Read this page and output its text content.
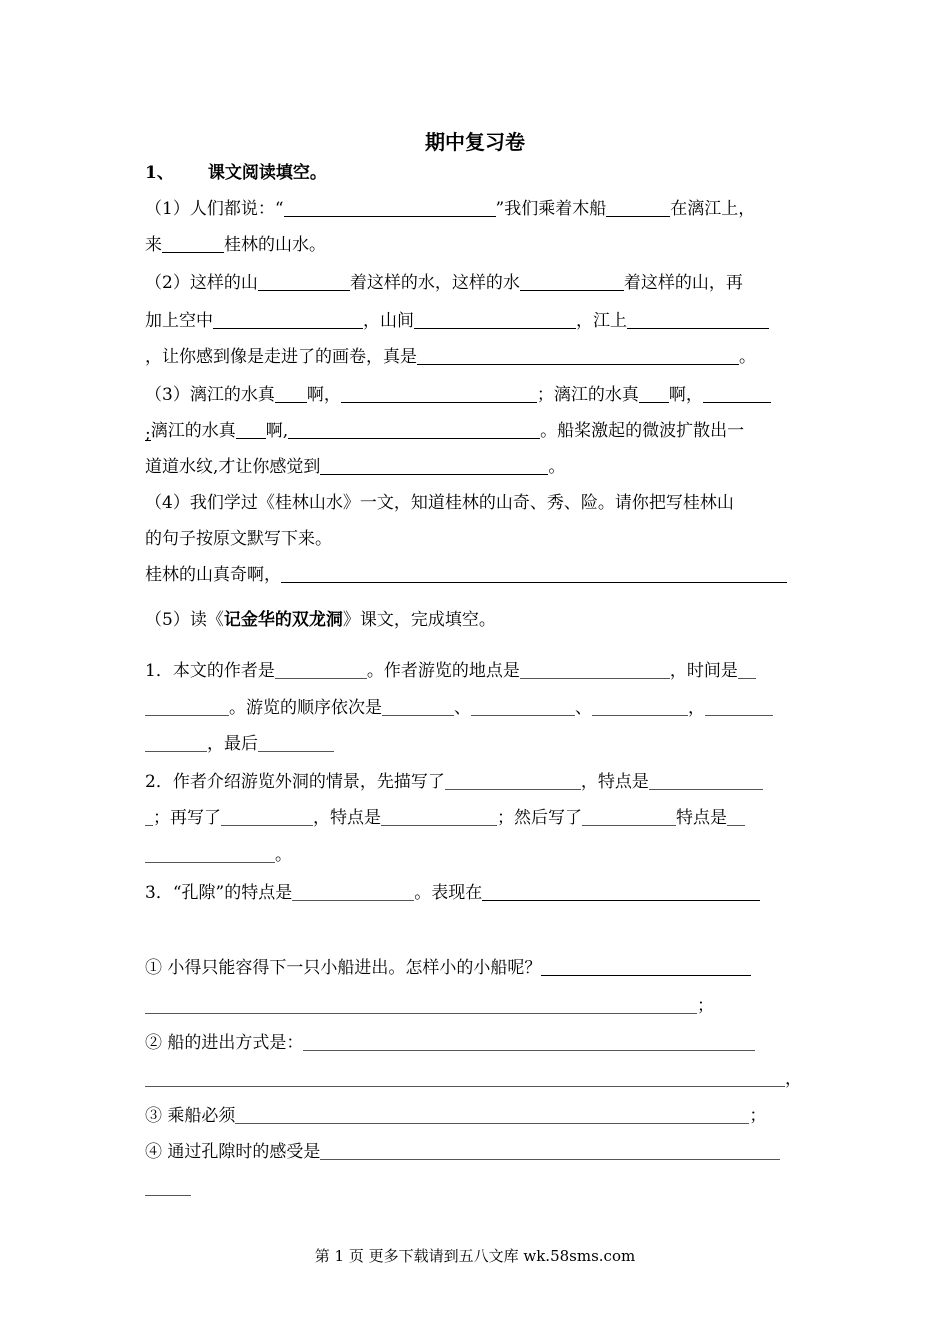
期中复习卷
1、 课文阅读填空。
（1）人们都说：“	”我们乘着木船	在漓江上，
来	桂林的山水。
（2）这样的山	着这样的水，这样的水	着这样的山，再
加上空中	，山间	，江上
，让你感到像是走进了的画卷，真是	。
（3）漓江的水真 啊，	；漓江的水真 啊，
;漓江的水真 啊,	。船桨激起的微波扩散出一
道道水纹,才让你感觉到	。
（4）我们学过《桂林山水》一文，知道桂林的山奇、秀、险。请你把写桂林山
的句子按原文默写下来。
桂林的山真奇啊，
（5）读《记金华的双龙洞》课文，完成填空。
1．本文的作者是	。作者游览的地点是	，时间是
。游览的顺序依次是	、	、	，
，最后
2．作者介绍游览外洞的情景，先描写了	，特点是
；再写了	，特点是	；然后写了	特点是
。
3．“孔隙”的特点是	。表现在
① 小得只能容得下一只小船进出。怎样小的小船呢？
；
② 船的进出方式是：
，
③ 乘船必须	；
④ 通过孔隙时的感受是
第 1 页 更多下载请到五八文库 wk.58sms.com
